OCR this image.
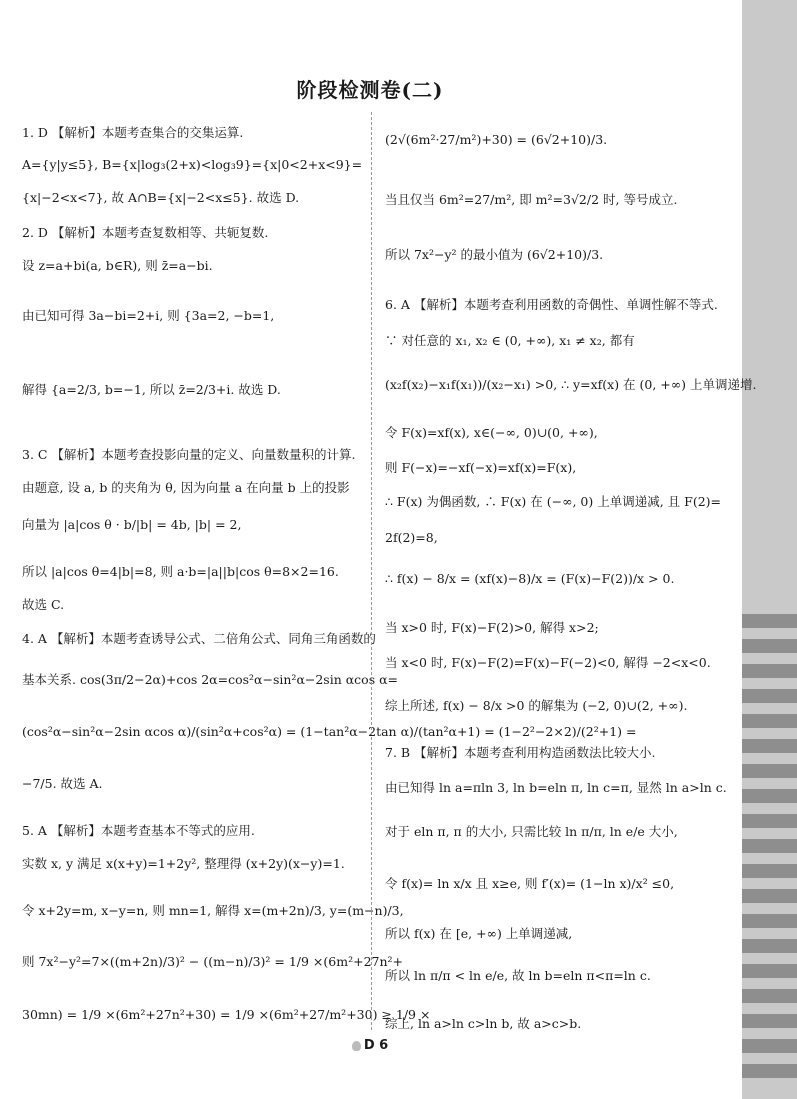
阶段检测卷(二)
1. D 【解析】本题考查集合的交集运算.
A={y|y≤5}, B={x|log₃(2+x)<log₃9}={x|0<2+x<9}=
{x|−2<x<7}, 故 A∩B={x|−2<x≤5}. 故选 D.
2. D 【解析】本题考查复数相等、共轭复数.
设 z=a+bi(a, b∈R), 则 z̄=a−bi.
由已知可得 3a−bi=2+i, 则 {3a=2, −b=1,
解得 {a=2/3, b=−1, 所以 z̄=2/3+i. 故选 D.
3. C 【解析】本题考查投影向量的定义、向量数量积的计算.
由题意, 设 a, b 的夹角为 θ, 因为向量 a 在向量 b 上的投影
向量为 |a|cos θ · b/|b| = 4b, |b| = 2,
所以 |a|cos θ=4|b|=8, 则 a·b=|a||b|cos θ=8×2=16.
故选 C.
4. A 【解析】本题考查诱导公式、二倍角公式、同角三角函数的
基本关系. cos(3π/2−2α)+cos 2α=cos²α−sin²α−2sin αcos α=
(cos²α−sin²α−2sin αcos α)/(sin²α+cos²α) = (1−tan²α−2tan α)/(tan²α+1) = (1−2²−2×2)/(2²+1) =
−7/5. 故选 A.
5. A 【解析】本题考查基本不等式的应用.
实数 x, y 满足 x(x+y)=1+2y², 整理得 (x+2y)(x−y)=1.
令 x+2y=m, x−y=n, 则 mn=1, 解得 x=(m+2n)/3, y=(m−n)/3,
则 7x²−y²=7×((m+2n)/3)² − ((m−n)/3)² = 1/9 ×(6m²+27n²+
30mn) = 1/9 ×(6m²+27n²+30) = 1/9 ×(6m²+27/m²+30) ≥ 1/9 ×
(2√(6m²·27/m²)+30) = (6√2+10)/3.
当且仅当 6m²=27/m², 即 m²=3√2/2 时, 等号成立.
所以 7x²−y² 的最小值为 (6√2+10)/3.
6. A 【解析】本题考查利用函数的奇偶性、单调性解不等式.
∵ 对任意的 x₁, x₂ ∈ (0, +∞), x₁ ≠ x₂, 都有
(x₂f(x₂)−x₁f(x₁))/(x₂−x₁) >0, ∴ y=xf(x) 在 (0, +∞) 上单调递增.
令 F(x)=xf(x), x∈(−∞, 0)∪(0, +∞),
则 F(−x)=−xf(−x)=xf(x)=F(x),
∴ F(x) 为偶函数, ∴ F(x) 在 (−∞, 0) 上单调递减, 且 F(2)=
2f(2)=8,
∴ f(x) − 8/x = (xf(x)−8)/x = (F(x)−F(2))/x > 0.
当 x>0 时, F(x)−F(2)>0, 解得 x>2;
当 x<0 时, F(x)−F(2)=F(x)−F(−2)<0, 解得 −2<x<0.
综上所述, f(x) − 8/x >0 的解集为 (−2, 0)∪(2, +∞).
7. B 【解析】本题考查利用构造函数法比较大小.
由已知得 ln a=πln 3, ln b=eln π, ln c=π, 显然 ln a>ln c.
对于 eln π, π 的大小, 只需比较 ln π/π, ln e/e 大小,
令 f(x)= ln x/x 且 x≥e, 则 f′(x)= (1−ln x)/x² ≤0,
所以 f(x) 在 [e, +∞) 上单调递减,
所以 ln π/π < ln e/e, 故 ln b=eln π<π=ln c.
综上, ln a>ln c>ln b, 故 a>c>b.
D 6
